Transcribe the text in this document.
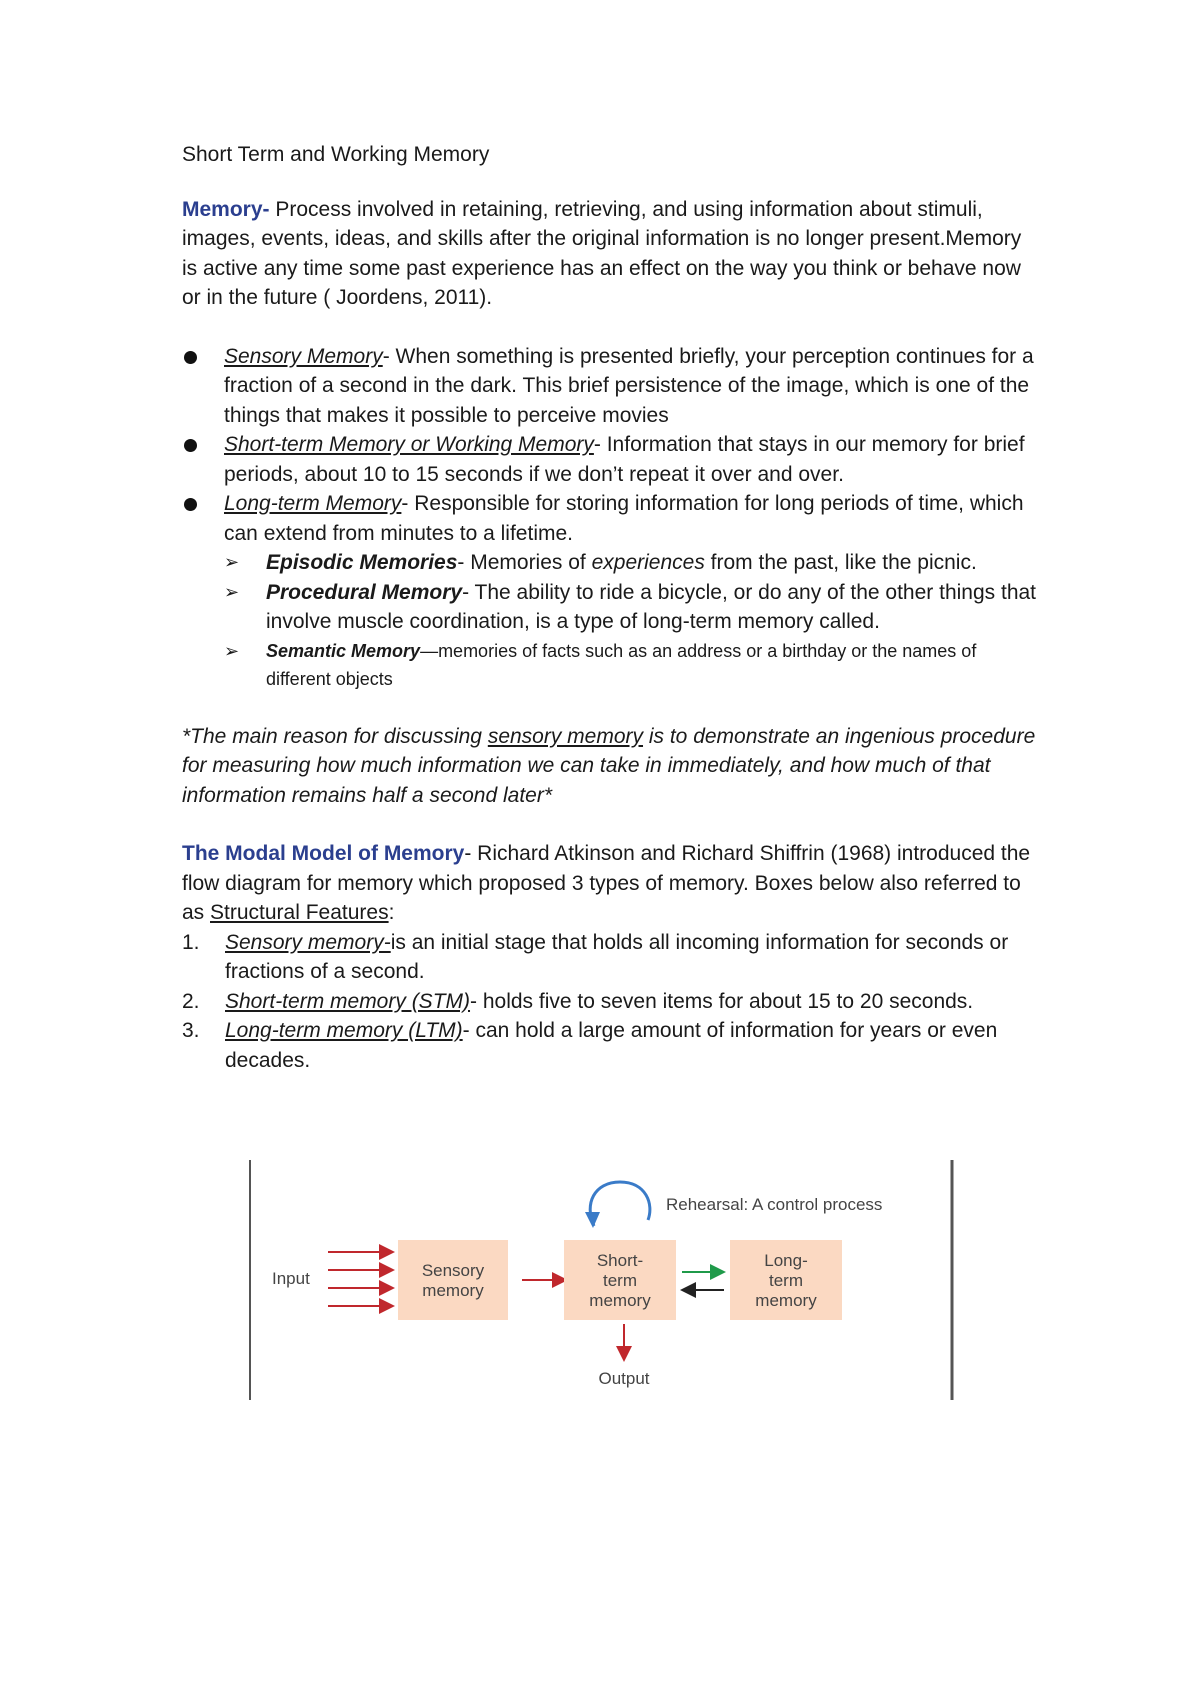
Short Term and Working Memory

Memory- Process involved in retaining, retrieving, and using information about stimuli, images, events, ideas, and skills after the original information is no longer present.Memory is active any time some past experience has an effect on the way you think or behave now or in the future ( Joordens, 2011).

Sensory Memory- When something is presented briefly, your perception continues for a fraction of a second in the dark. This brief persistence of the image, which is one of the things that makes it possible to perceive movies
Short-term Memory or Working Memory- Information that stays in our memory for brief periods, about 10 to 15 seconds if we don’t repeat it over and over.
Long-term Memory- Responsible for storing information for long periods of time, which can extend from minutes to a lifetime.
➢ Episodic Memories- Memories of experiences from the past, like the picnic.
➢ Procedural Memory- The ability to ride a bicycle, or do any of the other things that involve muscle coordination, is a type of long-term memory called.
➢ Semantic Memory—memories of facts such as an address or a birthday or the names of different objects

*The main reason for discussing sensory memory is to demonstrate an ingenious procedure for measuring how much information we can take in immediately, and how much of that information remains half a second later*

The Modal Model of Memory- Richard Atkinson and Richard Shiffrin (1968) introduced the flow diagram for memory which proposed 3 types of memory. Boxes below also referred to as Structural Features:

1. Sensory memory-is an initial stage that holds all incoming information for seconds or fractions of a second.
2. Short-term memory (STM)- holds five to seven items for about 15 to 20 seconds.
3. Long-term memory (LTM)- can hold a large amount of information for years or even decades.
Input	Sensory
memory
Short-
term
memory
Long-
term
memory
Rehearsal: A control process
Output
